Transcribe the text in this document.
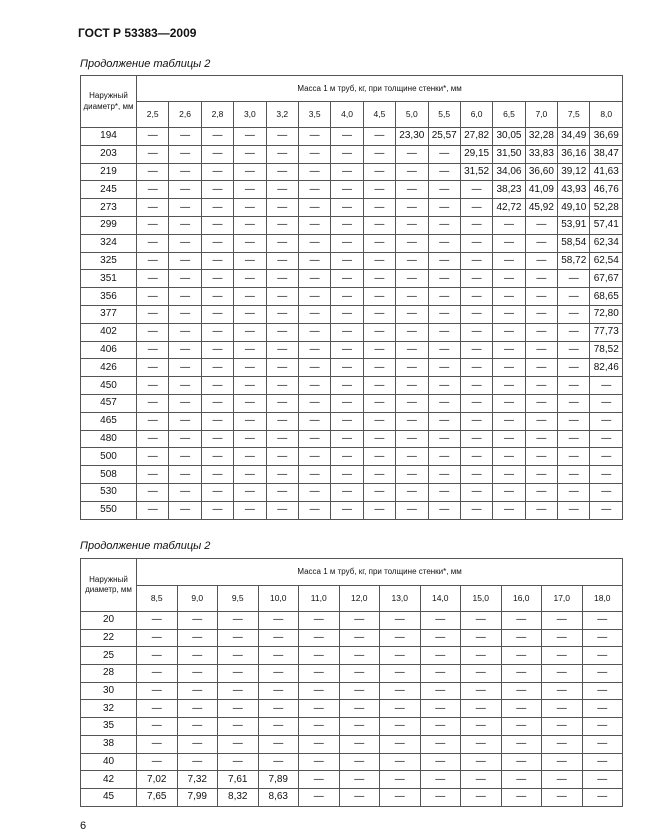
ГОСТ Р 53383—2009
Продолжение таблицы 2
Наружный диаметр*, мм	Масса 1 м труб, кг, при толщине стенки*, мм														
	2,5	2,6	2,8	3,0	3,2	3,5	4,0	4,5	5,0	5,5	6,0	6,5	7,0	7,5	8,0
194	—	—	—	—	—	—	—	—	23,30	25,57	27,82	30,05	32,28	34,49	36,69
203	—	—	—	—	—	—	—	—	—	—	29,15	31,50	33,83	36,16	38,47
219	—	—	—	—	—	—	—	—	—	—	31,52	34,06	36,60	39,12	41,63
245	—	—	—	—	—	—	—	—	—	—	—	38,23	41,09	43,93	46,76
273	—	—	—	—	—	—	—	—	—	—	—	42,72	45,92	49,10	52,28
299	—	—	—	—	—	—	—	—	—	—	—	—	—	53,91	57,41
324	—	—	—	—	—	—	—	—	—	—	—	—	—	58,54	62,34
325	—	—	—	—	—	—	—	—	—	—	—	—	—	58,72	62,54
351	—	—	—	—	—	—	—	—	—	—	—	—	—	—	67,67
356	—	—	—	—	—	—	—	—	—	—	—	—	—	—	68,65
377	—	—	—	—	—	—	—	—	—	—	—	—	—	—	72,80
402	—	—	—	—	—	—	—	—	—	—	—	—	—	—	77,73
406	—	—	—	—	—	—	—	—	—	—	—	—	—	—	78,52
426	—	—	—	—	—	—	—	—	—	—	—	—	—	—	82,46
450	—	—	—	—	—	—	—	—	—	—	—	—	—	—	—
457	—	—	—	—	—	—	—	—	—	—	—	—	—	—	—
465	—	—	—	—	—	—	—	—	—	—	—	—	—	—	—
480	—	—	—	—	—	—	—	—	—	—	—	—	—	—	—
500	—	—	—	—	—	—	—	—	—	—	—	—	—	—	—
508	—	—	—	—	—	—	—	—	—	—	—	—	—	—	—
530	—	—	—	—	—	—	—	—	—	—	—	—	—	—	—
550	—	—	—	—	—	—	—	—	—	—	—	—	—	—	—
Продолжение таблицы 2
Наружный диаметр, мм	Масса 1 м труб, кг, при толщине стенки*, мм											
	8,5	9,0	9,5	10,0	11,0	12,0	13,0	14,0	15,0	16,0	17,0	18,0
20	—	—	—	—	—	—	—	—	—	—	—	—
22	—	—	—	—	—	—	—	—	—	—	—	—
25	—	—	—	—	—	—	—	—	—	—	—	—
28	—	—	—	—	—	—	—	—	—	—	—	—
30	—	—	—	—	—	—	—	—	—	—	—	—
32	—	—	—	—	—	—	—	—	—	—	—	—
35	—	—	—	—	—	—	—	—	—	—	—	—
38	—	—	—	—	—	—	—	—	—	—	—	—
40	—	—	—	—	—	—	—	—	—	—	—	—
42	7,02	7,32	7,61	7,89	—	—	—	—	—	—	—	—
45	7,65	7,99	8,32	8,63	—	—	—	—	—	—	—	—
6
